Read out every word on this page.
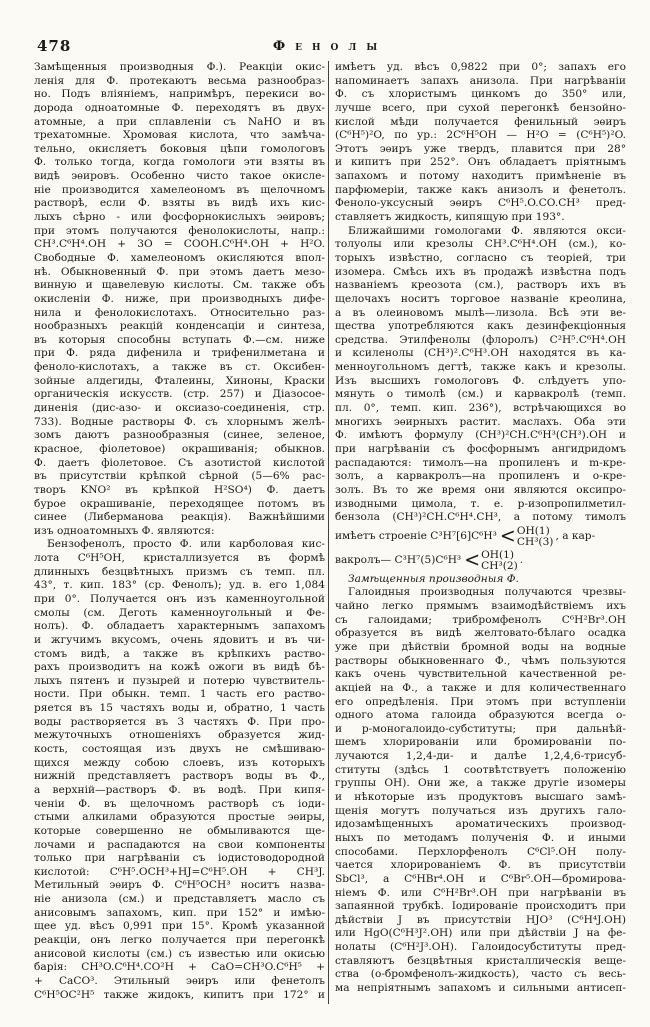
478	Фенолы
Замѣщенныя производныя Ф.). Реакціи окис-
ленія для Ф. протекаютъ весьма разнообраз-
но. Подъ вліяніемъ, напримѣръ, перекиси во-
дорода одноатомные Ф. переходятъ въ двух-
атомные, а при сплавленіи съ NaHO и въ
трехатомные. Хромовая кислота, что замѣча-
тельно, окисляетъ боковыя цѣпи гомологовъ
Ф. только тогда, когда гомологи эти взяты въ
видѣ эѳировъ. Особенно чисто такое окисле-
ніе производится хамелеономъ въ щелочномъ
растворѣ, если Ф. взяты въ видѣ ихъ кис-
лыхъ сѣрно - или фосфорнокислыхъ эѳировъ;
при этомъ получаются фенолокислоты, напр.:
CH³.C⁶H⁴.OH + 3O = COOH.C⁶H⁴.OH + H²O.
Свободные Ф. хамелеономъ окисляются впол-
нѣ. Обыкновенный Ф. при этомъ даетъ мезо-
винную и щавелевую кислоты. См. также объ
окисленіи Ф. ниже, при производныхъ дифе-
нила и фенолокислотахъ. Относительно раз-
нообразныхъ реакцій конденсаціи и синтеза,
въ которыя способны вступать Ф.—см. ниже
при Ф. ряда дифенила и трифенилметана и
феноло-кислотахъ, а также въ ст. Оксибен-
зойные алдегиды, Фталеины, Хиноны, Краски
органическія искусств. (стр. 257) и Діазосое-
диненія (дис-азо- и оксиазо-соединенія, стр.
733). Водные растворы Ф. съ хлорнымъ желѣ-
зомъ даютъ разнообразныя (синее, зеленое,
красное, фіолетовое) окрашиванія; обыкнов.
Ф. даетъ фіолетовое. Съ азотистой кислотой
въ присутствіи крѣпкой сѣрной (5—6% рас-
творъ KNO² въ крѣпкой H²SO⁴) Ф. даетъ
бурое окрашиваніе, переходящее потомъ въ
синее (Либерманова реакція). Важнѣйшими
изъ одноатомныхъ Ф. являются:
Бензофенолъ, просто Ф. или карболовая кис-
лота C⁶H⁵OH, кристаллизуется въ формѣ
длинныхъ безцвѣтныхъ призмъ съ темп. пл.
43°, т. кип. 183° (ср. Фенолъ); уд. в. его 1,084
при 0°. Получается онъ изъ каменноугольной
смолы (см. Деготь каменноугольный и Фе-
нолъ). Ф. обладаетъ характернымъ запахомъ
и жгучимъ вкусомъ, очень ядовитъ и въ чи-
стомъ видѣ, а также въ крѣпкихъ раство-
рахъ производитъ на кожѣ ожоги въ видѣ бѣ-
лыхъ пятенъ и пузырей и потерю чувствитель-
ности. При обыкн. темп. 1 часть его раство-
ряется въ 15 частяхъ воды и, обратно, 1 часть
воды растворяется въ 3 частяхъ Ф. При про-
межуточныхъ отношеніяхъ образуется жид-
кость, состоящая изъ двухъ не смѣшиваю-
щихся между собою слоевъ, изъ которыхъ
нижній представляетъ растворъ воды въ Ф.,
а верхній—растворъ Ф. въ водѣ. При кипя-
ченіи Ф. въ щелочномъ растворѣ съ іоди-
стыми алкилами образуются простые эѳиры,
которые совершенно не обмыливаются ще-
лочами и распадаются на свои компоненты
только при нагрѣваніи съ іодистоводородной
кислотой: C⁶H⁵.OCH³+HJ=C⁶H⁵.OH + CH³J.
Метильный эѳиръ Ф. C⁶H⁵OCH³ носитъ назва-
ніе анизола (см.) и представляетъ масло съ
анисовымъ запахомъ, кип. при 152° и имѣю-
щее уд. вѣсъ 0,991 при 15°. Кромѣ указанной
реакціи, онъ легко получается при перегонкѣ
анисовой кислоты (см.) съ известью или окисью
барія: CH³O.C⁶H⁴.CO²H + CaO=CH³O.C⁶H⁵ +
+ CaCO³. Этильный эѳиръ или фенетолъ
C⁶H⁵OC²H⁵ также жидокъ, кипитъ при 172° и
имѣетъ уд. вѣсъ 0,9822 при 0°; запахъ его
напоминаетъ запахъ анизола. При нагрѣваніи
Ф. съ хлористымъ цинкомъ до 350° или,
лучше всего, при сухой перегонкѣ бензойно-
кислой мѣди получается фенильный эѳиръ
(C⁶H⁵)²O, по ур.: 2C⁶H⁵OH — H²O = (C⁶H⁵)²O.
Этотъ эѳиръ уже твердъ, плавится при 28°
и кипитъ при 252°. Онъ обладаетъ пріятнымъ
запахомъ и потому находитъ примѣненіе въ
парфюмеріи, также какъ анизолъ и фенетолъ.
Феноло-уксусный эѳиръ C⁶H⁵.O.CO.CH³ пред-
ставляетъ жидкость, кипящую при 193°.
Ближайшими гомологами Ф. являются окси-
толуолы или крезолы CH³.C⁶H⁴.OH (см.), ко-
торыхъ извѣстно, согласно съ теоріей, три
изомера. Смѣсь ихъ въ продажѣ извѣстна подъ
названіемъ креозота (см.), растворъ ихъ въ
щелочахъ носитъ торговое названіе креолина,
а въ олеиновомъ мылѣ—лизола. Всѣ эти ве-
щества употребляются какъ дезинфекціонныя
средства. Этилфенолы (флоролъ) C²H⁵.C⁶H⁴.OH
и ксиленолы (CH³)².C⁶H³.OH находятся въ ка-
менноугольномъ дегтѣ, также какъ и крезолы.
Изъ высшихъ гомологовъ Ф. слѣдуетъ упо-
мянуть о тимолѣ (см.) и карвакролѣ (темп.
пл. 0°, темп. кип. 236°), встрѣчающихся во
многихъ эѳирныхъ растит. маслахъ. Оба эти
Ф. имѣютъ формулу (CH³)²CH.C⁶H³(CH³).OH и
при нагрѣваніи съ фосфорнымъ ангидридомъ
распадаются: тимолъ—на пропиленъ и m-кре-
золъ, а карвакролъ—на пропиленъ и o-кре-
золъ. Въ то же время они являются оксипро-
изводными цимола, т. е. p-изопропилметил-
бензола (CH³)²CH.C⁶H⁴.CH³, а потому тимолъ
имѣетъ строеніе C³H⁷[6]C⁶H³ < OH(1)
CH³(3) , а кар-
вакролъ— C³H⁷(5)C⁶H³ < OH(1)
CH³(2) .
Замѣщенныя производныя Ф.
Галоидныя производныя получаются чрезвы-
чайно легко прямымъ взаимодѣйствіемъ ихъ
съ галоидами; трибромфенолъ C⁶H²Br³.OH
образуется въ видѣ желтовато-бѣлаго осадка
уже при дѣйствіи бромной воды на водные
растворы обыкновеннаго Ф., чѣмъ пользуются
какъ очень чувствительной качественной ре-
акціей на Ф., а также и для количественнаго
его опредѣленія. При этомъ при вступленіи
одного атома галоида образуются всегда o-
и p-моногалоидо-субституты; при дальнѣй-
шемъ хлорированіи или бромированіи по-
лучаются 1,2,4-ди- и далѣе 1,2,4,6-трисуб-
ституты (здѣсь 1 соотвѣтствуетъ положенію
группы OH). Они же, а также другіе изомеры
и нѣкоторые изъ продуктовъ высшаго замѣ-
щенія могутъ получаться изъ другихъ гало-
идозамѣщенныхъ ароматическихъ производ-
ныхъ по методамъ полученія Ф. и иными
способами. Перхлорфенолъ C⁶Cl⁵.OH полу-
чается хлорированіемъ Ф. въ присутствіи
SbCl³, а C⁶HBr⁴.OH и C⁶Br⁵.OH—бромирова-
ніемъ Ф. или C⁶H²Br³.OH при нагрѣваніи въ
запаянной трубкѣ. Іодированіе происходитъ при
дѣйствіи J въ присутствіи HJO³ (C⁶H⁴J.OH)
или HgO(C⁶H³J².OH) или при дѣйствіи J на фе-
нолаты (C⁶H²J³.OH). Галоидосубституты пред-
ставляютъ безцвѣтныя кристаллическія веще-
ства (o-бромфенолъ-жидкость), часто съ весь-
ма непріятнымъ запахомъ и сильными антисеп-
